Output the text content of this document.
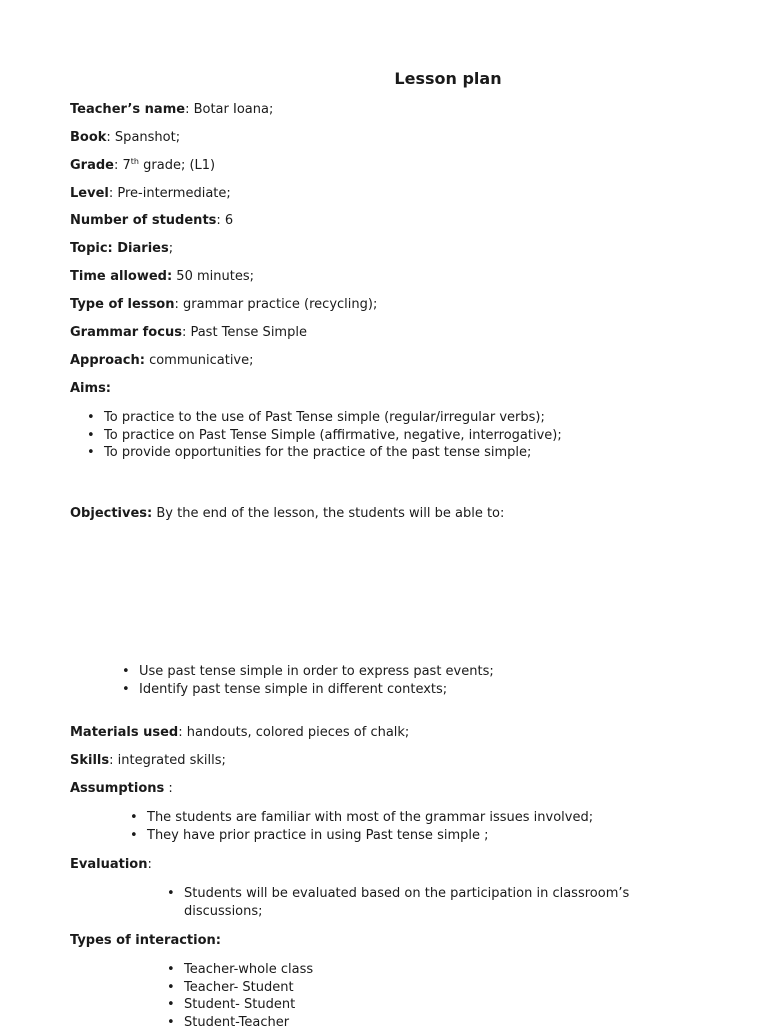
Lesson plan
Teacher’s name: Botar Ioana;
Book: Spanshot;
Grade: 7th grade; (L1)
Level: Pre-intermediate;
Number of students: 6
Topic: Diaries;
Time allowed: 50 minutes;
Type of lesson: grammar practice (recycling);
Grammar focus: Past Tense Simple
Approach: communicative;
Aims:
• To practice to the use of Past Tense simple (regular/irregular verbs);
• To practice on Past Tense Simple (affirmative, negative, interrogative);
• To provide opportunities for the practice of the past tense simple;
Objectives: By the end of the lesson, the students will be able to:
• Use past tense simple in order to express past events;
• Identify past tense simple in different contexts;
Materials used: handouts, colored pieces of chalk;
Skills: integrated skills;
Assumptions :
• The students are familiar with most of the grammar issues involved;
• They have prior practice in using Past tense simple ;
Evaluation:
• Students will be evaluated based on the participation in classroom’s
discussions;
Types of interaction:
• Teacher-whole class
• Teacher- Student
• Student- Student
• Student-Teacher
